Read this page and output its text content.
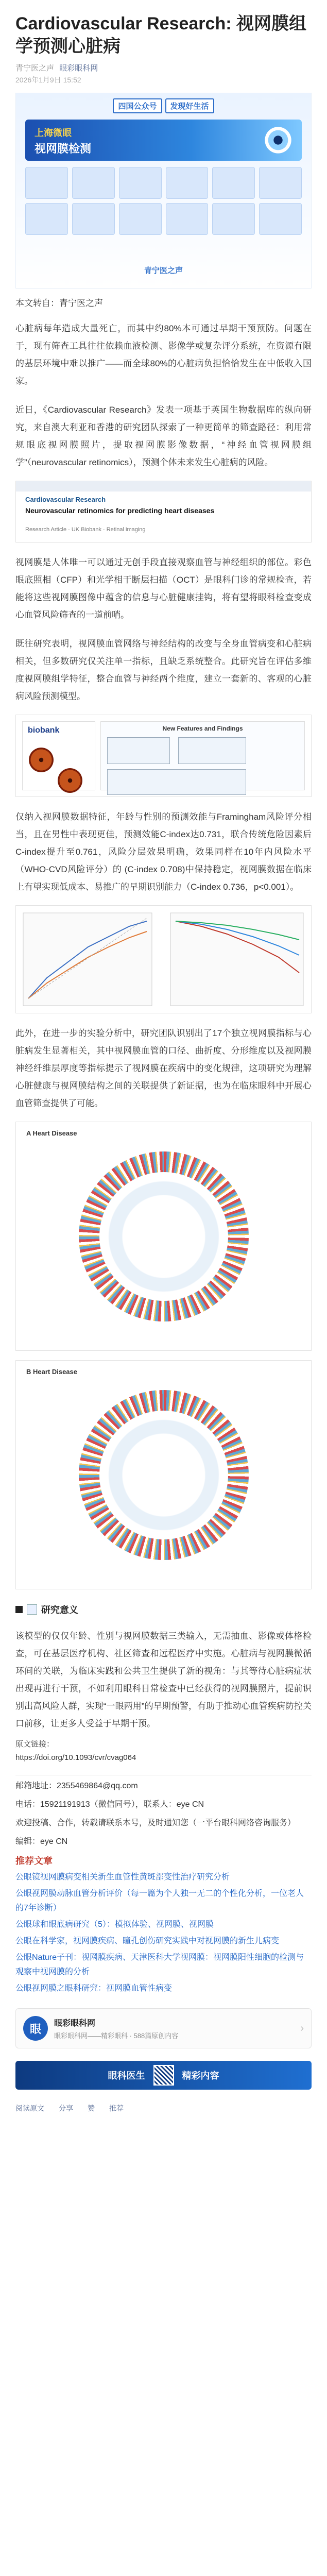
Cardiovascular Research: 视网膜组学预测心脏病
青宁医之声 眼彩眼科网
2026年1月9日 15:52
四国公众号	发现好生活
上海微眼
视网膜检测
青宁医之声
本文转自：青宁医之声

心脏病每年造成大量死亡，而其中约80%本可通过早期干预预防。问题在于，现有筛查工具往往依赖血液检测、影像学或复杂评分系统，在资源有限的基层环境中难以推广——而全球80%的心脏病负担恰恰发生在中低收入国家。

近日，《Cardiovascular Research》发表一项基于英国生物数据库的纵向研究，来自澳大利亚和香港的研究团队探索了一种更简单的筛查路径：利用常规眼底视网膜照片，提取视网膜影像数据，“神经血管视网膜组学”（neurovascular retinomics），预测个体未来发生心脏病的风险。

Cardiovascular Research
Neurovascular retinomics for predicting heart diseases
Research Article · UK Biobank · Retinal imaging

视网膜是人体唯一可以通过无创手段直接观察血管与神经组织的部位。彩色眼底照相（CFP）和光学相干断层扫描（OCT）是眼科门诊的常规检查，若能将这些视网膜图像中蕴含的信息与心脏健康挂钩，将有望将眼科检查变成心血管风险筛查的一道前哨。

既往研究表明，视网膜血管网络与神经结构的改变与全身血管病变和心脏病相关，但多数研究仅关注单一指标，且缺乏系统整合。此研究旨在评估多维度视网膜组学特征，整合血管与神经两个维度，建立一套新的、客观的心脏病风险预测模型。

biobank	New Features and Findings

仅纳入视网膜数据特征，年龄与性别的预测效能与Framingham风险评分相当，且在男性中表现更佳，预测效能C-index达0.731，联合传统危险因素后C-index提升至0.761，风险分层效果明确，效果同样在10年内风险水平（WHO-CVD风险评分）的 (C-index 0.708)中保持稳定，视网膜数据在临床上有望实现低成本、易推广的早期识别能力（C-index 0.736，p<0.001）。

此外，在进一步的实验分析中，研究团队识别出了17个独立视网膜指标与心脏病发生显著相关，其中视网膜血管的口径、曲折度、分形维度以及视网膜神经纤维层厚度等指标提示了视网膜在疾病中的变化规律，这项研究为理解心脏健康与视网膜结构之间的关联提供了新证据，也为在临床眼科中开展心血管筛查提供了可能。

A Heart Disease
B Heart Disease
研究意义

该模型的仅仅年龄、性别与视网膜数据三类输入，无需抽血、影像或体格检查，可在基层医疗机构、社区筛查和远程医疗中实施。心脏病与视网膜微循环间的关联，为临床实践和公共卫生提供了新的视角：与其等待心脏病症状出现再进行干预，不如利用眼科日常检查中已经获得的视网膜照片，提前识别出高风险人群，实现“一眼两用”的早期预警，有助于推动心血管疾病防控关口前移，让更多人受益于早期干预。

原文链接：
https://doi.org/10.1093/cvr/cvag064

邮箱地址：2355469864@qq.com

电话：15921191913（微信同号），联系人：eye CN

欢迎投稿、合作，转载请联系本号，及时通知您（一平台眼科网络咨询服务）

编辑：eye CN

推荐文章
公眼镜视网膜病变相关新生血管性黄斑部变性治疗研究分析
公眼视网膜动脉血管分析评价（每一篇为个人独一无二的个性化分析，一位老人的7年诊断）
公眼球和眼底病研究（5）：模拟体验、视网膜、视网膜
公眼在科学家，视网膜疾病、瞳孔创伤研究实践中对视网膜的新生儿病变
公眼Nature子刊：视网膜疾病、天津医科大学视网膜：视网膜阳性细胞的检测与观察中视网膜的分析
公眼视网膜之眼科研究：视网膜血管性病变
眼	眼彩眼科网
眼彩眼科网——精彩眼科 · 588篇原创内容
›
眼科医生	精彩内容
阅读原文 分享 赞 推荐
